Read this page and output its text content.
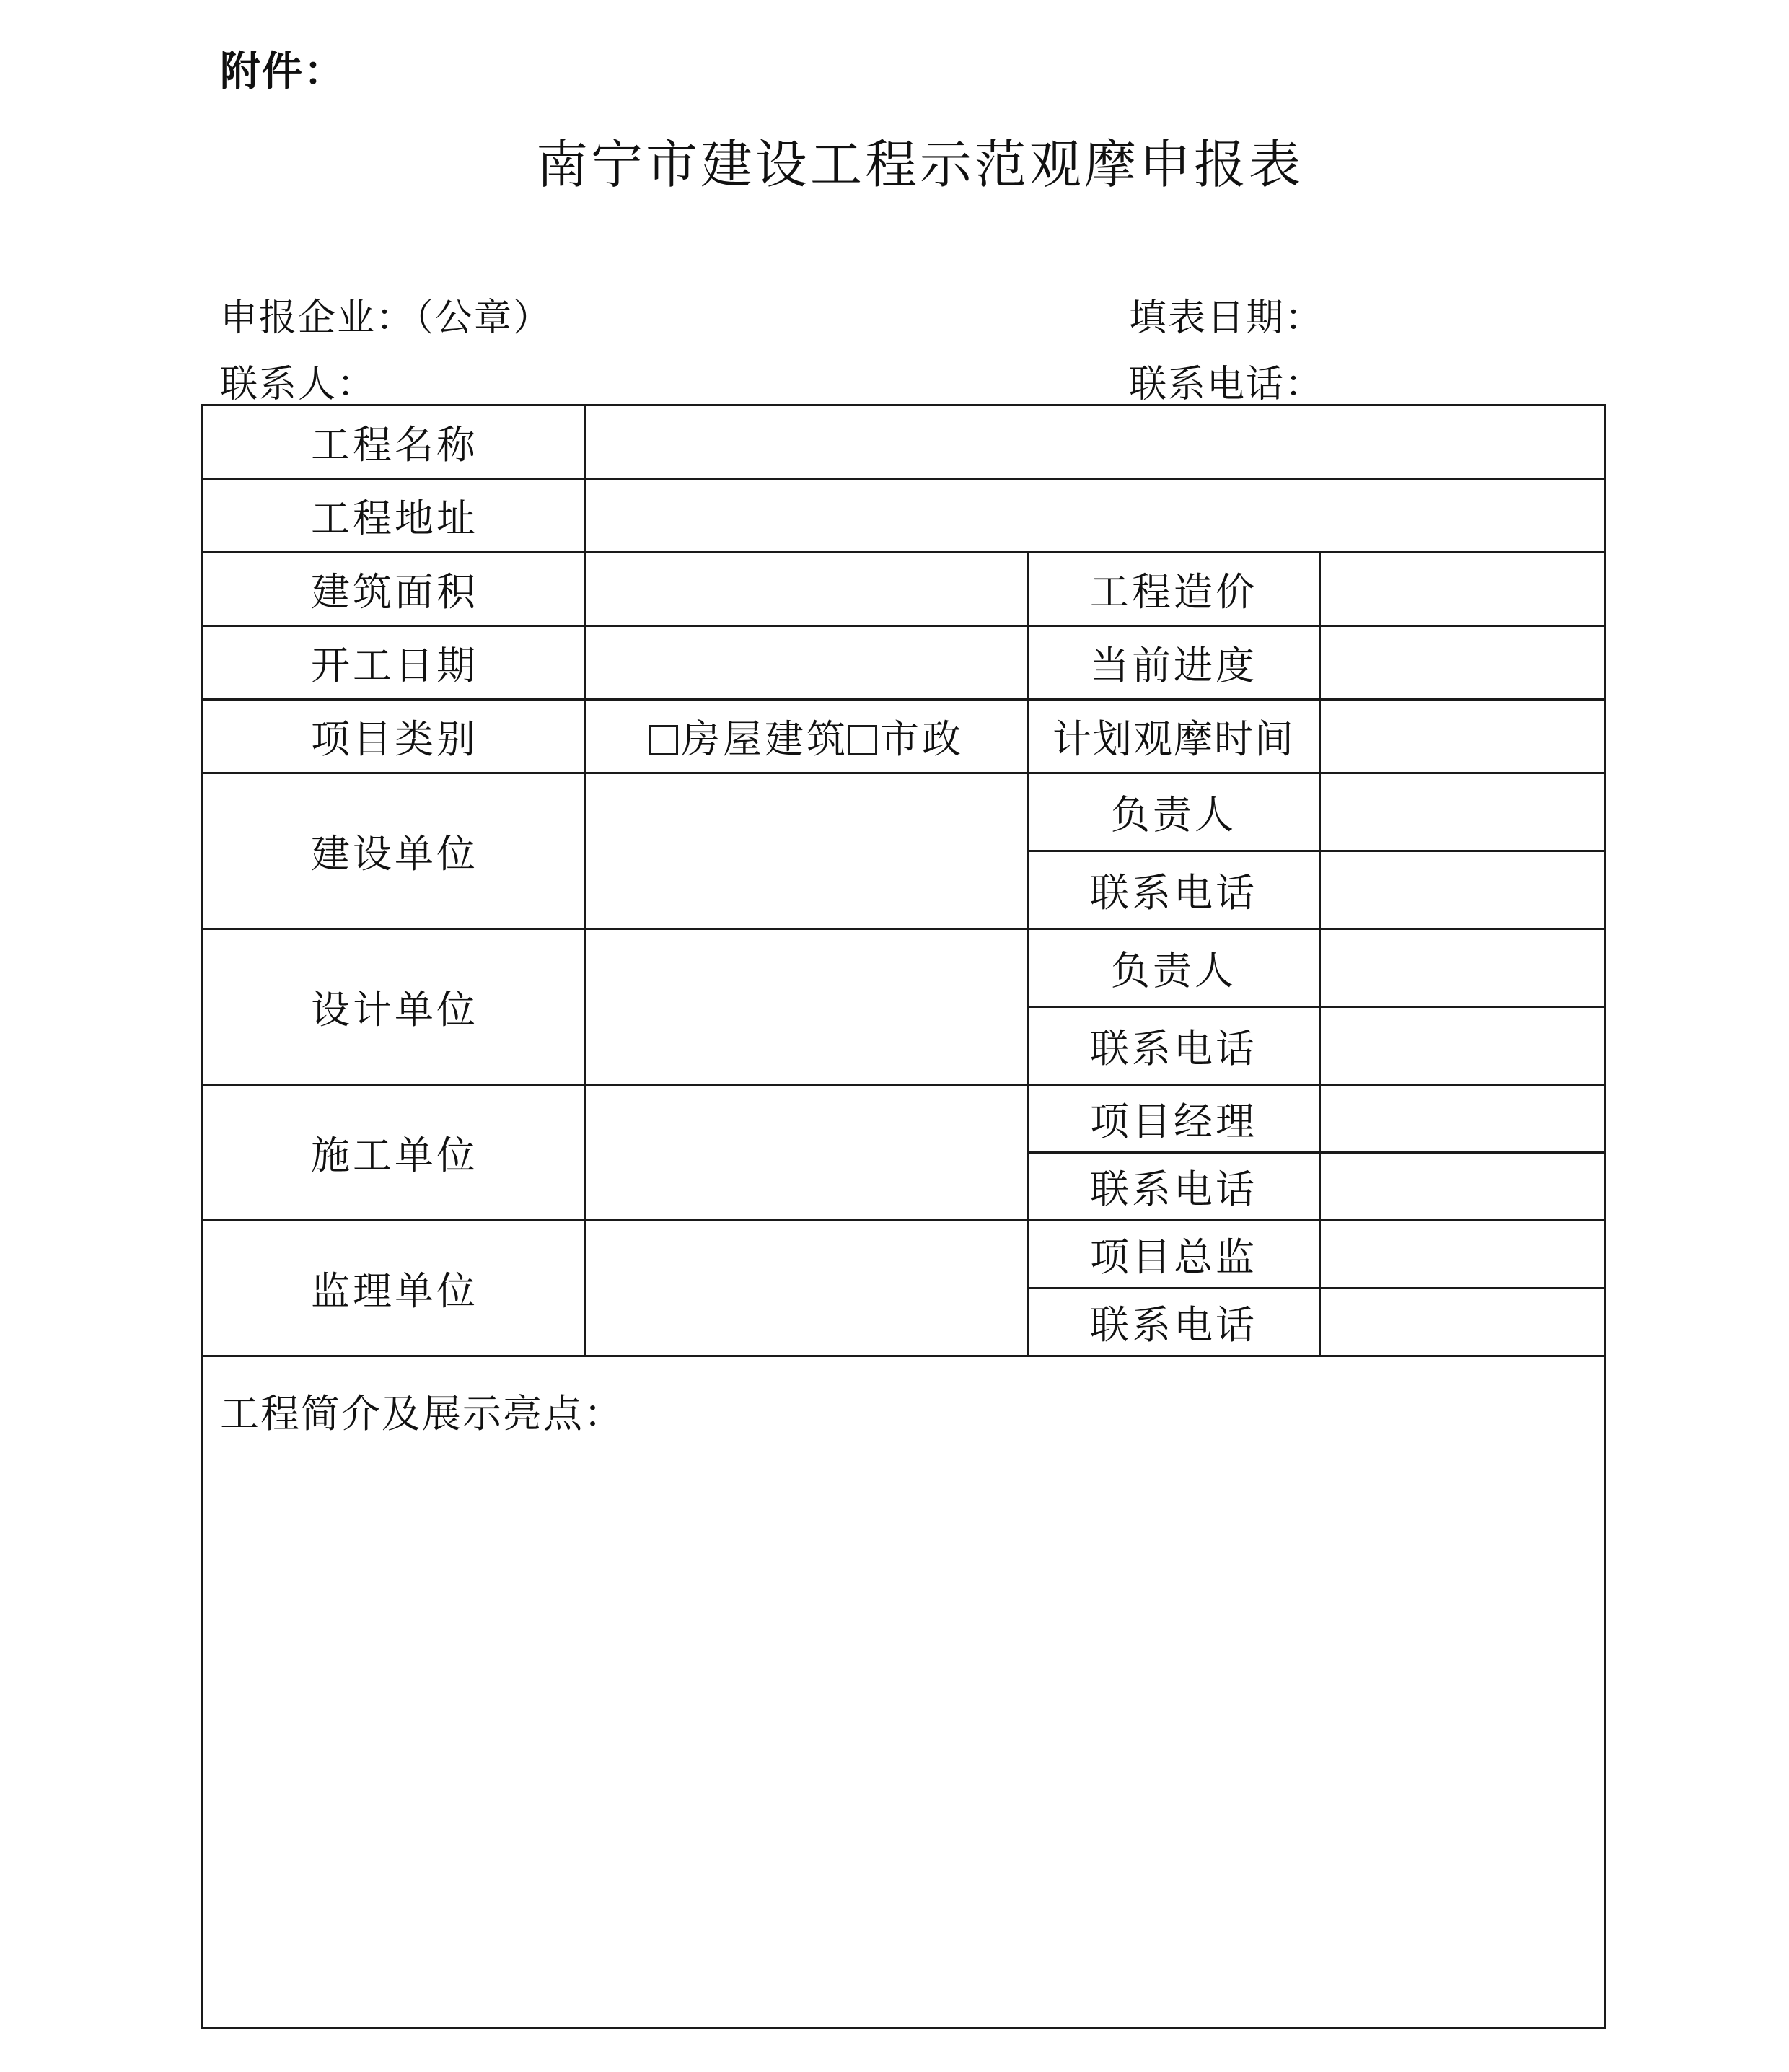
附件：
南宁市建设工程示范观摩申报表
申报企业：（公章）	填表日期：
联系人：	联系电话：
工程名称			
工程地址			
建筑面积		工程造价	
开工日期		当前进度	
项目类别	房屋建筑 市政	计划观摩时间	
建设单位		负责人	
		联系电话	
设计单位		负责人	
		联系电话	
施工单位		项目经理	
		联系电话	
监理单位		项目总监	
		联系电话	
工程简介及展示亮点：			
